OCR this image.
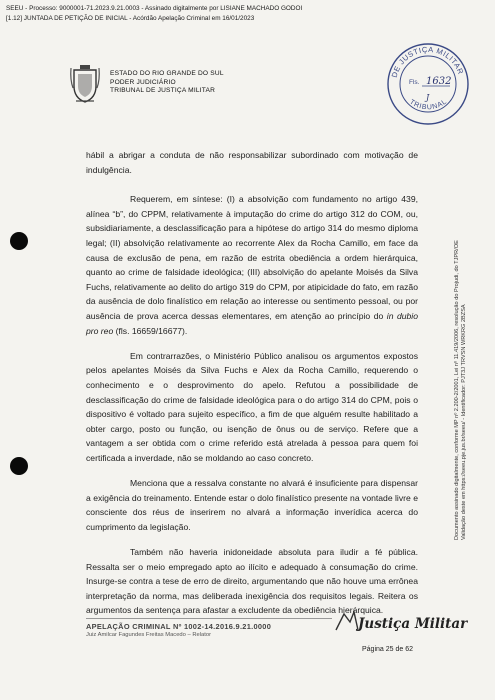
SEEU - Processo: 9000001-71.2023.9.21.0003 - Assinado digitalmente por LISIANE MACHADO GODOI
[1.12] JUNTADA DE PETIÇÃO DE INICIAL - Acórdão Apelação Criminal em 16/01/2023
ESTADO DO RIO GRANDE DO SUL
PODER JUDICIÁRIO
TRIBUNAL DE JUSTIÇA MILITAR
DE JUSTIÇA MILITAR
TRIBUNAL
Fls. 1632
J

hábil a abrigar a conduta de não responsabilizar subordinado com motivação de indulgência.

Requerem, em síntese: (I) a absolvição com fundamento no artigo 439, alínea “b”, do CPPM, relativamente à imputação do crime do artigo 312 do COM, ou, subsidiariamente, a desclassificação para a hipótese do artigo 314 do mesmo diploma legal; (II) absolvição relativamente ao recorrente Alex da Rocha Camillo, em face da causa de exclusão de pena, em razão de estrita obediência a ordem hierárquica, quanto ao crime de falsidade ideológica; (III) absolvição do apelante Moisés da Silva Fuchs, relativamente ao delito do artigo 319 do CPM, por atipicidade do fato, em razão da ausência de dolo finalístico em relação ao interesse ou sentimento pessoal, ou por ausência de prova acerca dessas elementares, em atenção ao princípio do in dubio pro reo (fls. 16659/16677).

Em contrarrazões, o Ministério Público analisou os argumentos expostos pelos apelantes Moisés da Silva Fuchs e Alex da Rocha Camillo, requerendo o conhecimento e o desprovimento do apelo. Refutou a possibilidade de desclassificação do crime de falsidade ideológica para o do artigo 314 do CPM, pois o dispositivo é voltado para sujeito específico, a fim de que alguém resulte habilitado a obter cargo, posto ou função, ou isenção de ônus ou de serviço. Refere que a vantagem a ser obtida com o crime referido está atrelada à pessoa para quem foi certificada a inverdade, não se moldando ao caso concreto.

Menciona que a ressalva constante no alvará é insuficiente para dispensar a exigência do treinamento. Entende estar o dolo finalístico presente na vontade livre e consciente dos réus de inserirem no alvará a informação inverídica acerca do cumprimento da legislação.

Também não haveria inidoneidade absoluta para iludir a fé pública. Ressalta ser o meio empregado apto ao ilícito e adequado à consumação do crime. Insurge-se contra a tese de erro de direito, argumentando que não houve uma errônea interpretação da norma, mas deliberada inexigência dos requisitos legais. Reitera os argumentos da sentença para afastar a excludente da obediência hierárquica.

Documento assinado digitalmente, conforme MP nº 2.200-2/2001, Lei nº 11.419/2006, resolução do Projudi, do TJPR/OE Validação deste em https://seeu.pje.jus.br/seeu/ - Identificador: PJT3J TRVSN WRKRG 2BZSA
APELAÇÃO CRIMINAL Nº 1002-14.2016.9.21.0000
Juiz Amilcar Fagundes Freitas Macedo – Relator
Justiça Militar
Página 25 de 62
